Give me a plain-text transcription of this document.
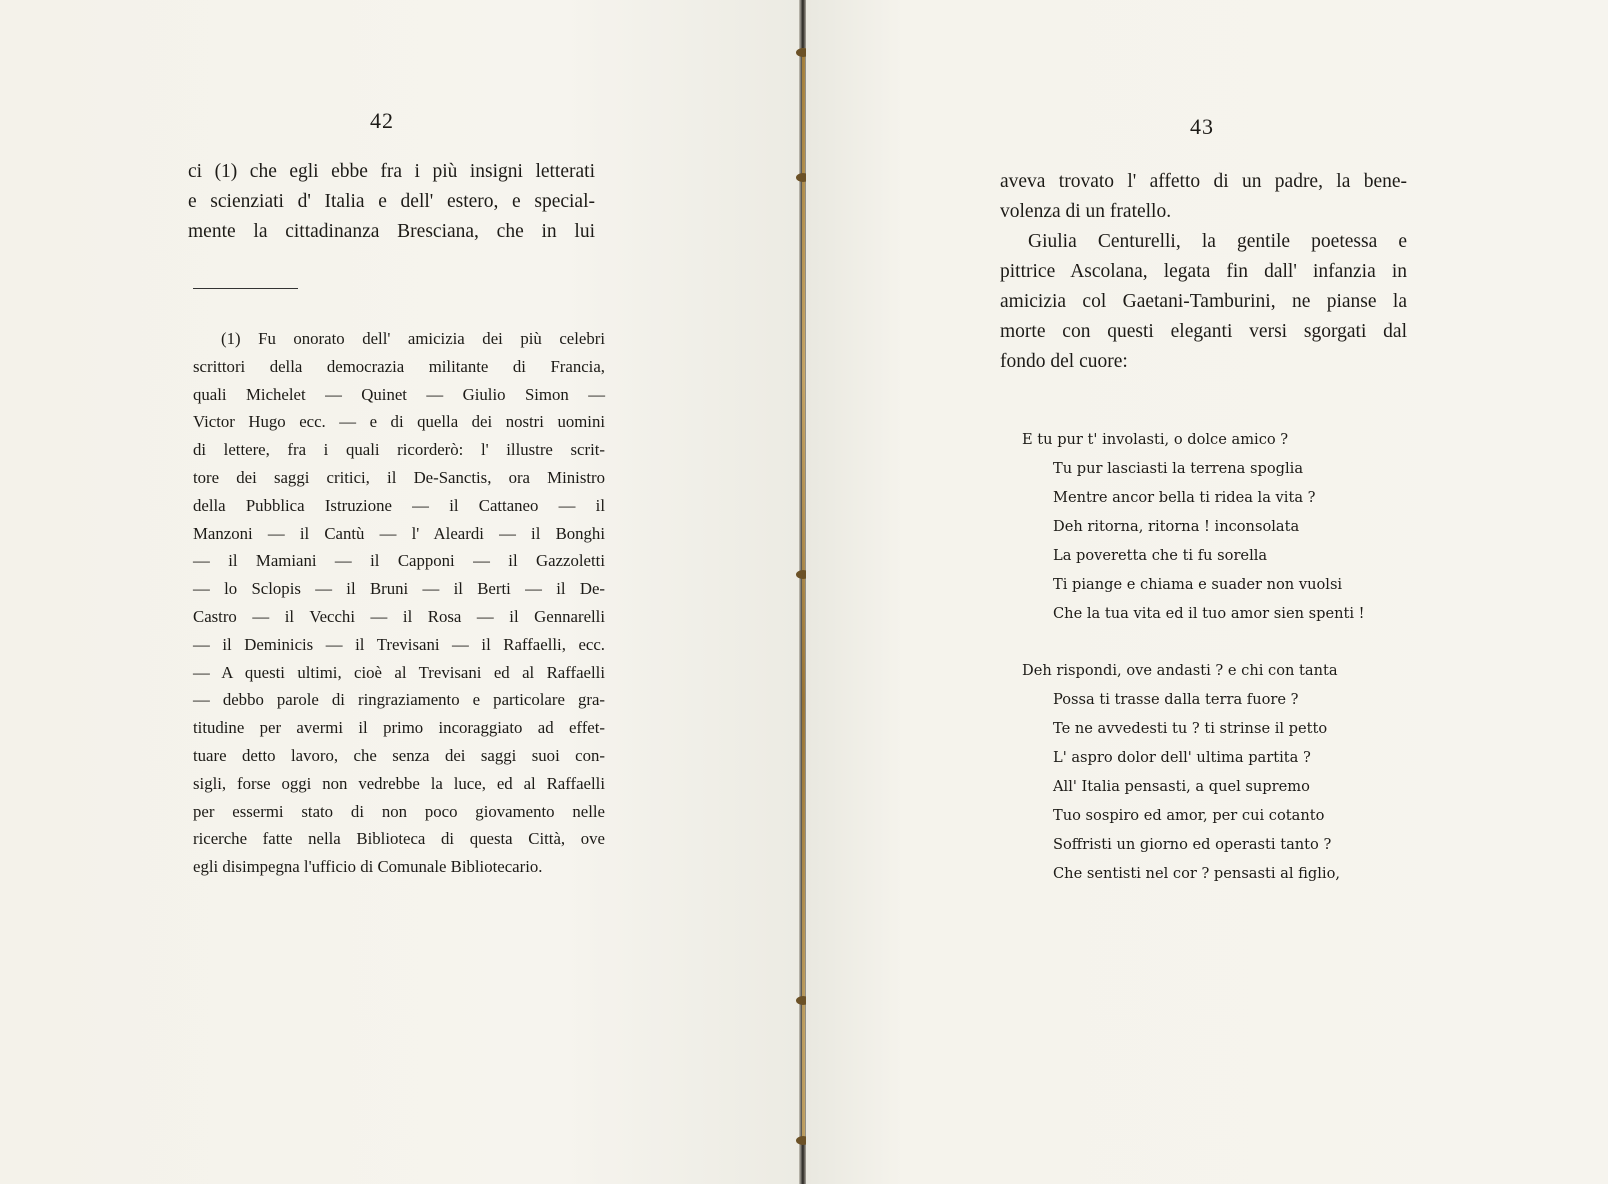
42
ci (1) che egli ebbe fra i più insigni letterati
e scienziati d' Italia e dell' estero, e special-
mente la cittadinanza Bresciana, che in lui
(1) Fu onorato dell' amicizia dei più celebri
scrittori della democrazia militante di Francia,
quali Michelet — Quinet — Giulio Simon —
Victor Hugo ecc. — e di quella dei nostri uomini
di lettere, fra i quali ricorderò: l' illustre scrit-
tore dei saggi critici, il De-Sanctis, ora Ministro
della Pubblica Istruzione — il Cattaneo — il
Manzoni — il Cantù — l' Aleardi — il Bonghi
— il Mamiani — il Capponi — il Gazzoletti
— lo Sclopis — il Bruni — il Berti — il De-
Castro — il Vecchi — il Rosa — il Gennarelli
— il Deminicis — il Trevisani — il Raffaelli, ecc.
— A questi ultimi, cioè al Trevisani ed al Raffaelli
— debbo parole di ringraziamento e particolare gra-
titudine per avermi il primo incoraggiato ad effet-
tuare detto lavoro, che senza dei saggi suoi con-
sigli, forse oggi non vedrebbe la luce, ed al Raffaelli
per essermi stato di non poco giovamento nelle
ricerche fatte nella Biblioteca di questa Città, ove
egli disimpegna l'ufficio di Comunale Bibliotecario.
43
aveva trovato l' affetto di un padre, la bene-
volenza di un fratello.
Giulia Centurelli, la gentile poetessa e
pittrice Ascolana, legata fin dall' infanzia in
amicizia col Gaetani-Tamburini, ne pianse la
morte con questi eleganti versi sgorgati dal
fondo del cuore:
E tu pur t' involasti, o dolce amico ?
Tu pur lasciasti la terrena spoglia
Mentre ancor bella ti ridea la vita ?
Deh ritorna, ritorna ! inconsolata
La poveretta che ti fu sorella
Ti piange e chiama e suader non vuolsi
Che la tua vita ed il tuo amor sien spenti !
Deh rispondi, ove andasti ? e chi con tanta
Possa ti trasse dalla terra fuore ?
Te ne avvedesti tu ? ti strinse il petto
L' aspro dolor dell' ultima partita ?
All' Italia pensasti, a quel supremo
Tuo sospiro ed amor, per cui cotanto
Soffristi un giorno ed operasti tanto ?
Che sentisti nel cor ? pensasti al figlio,
